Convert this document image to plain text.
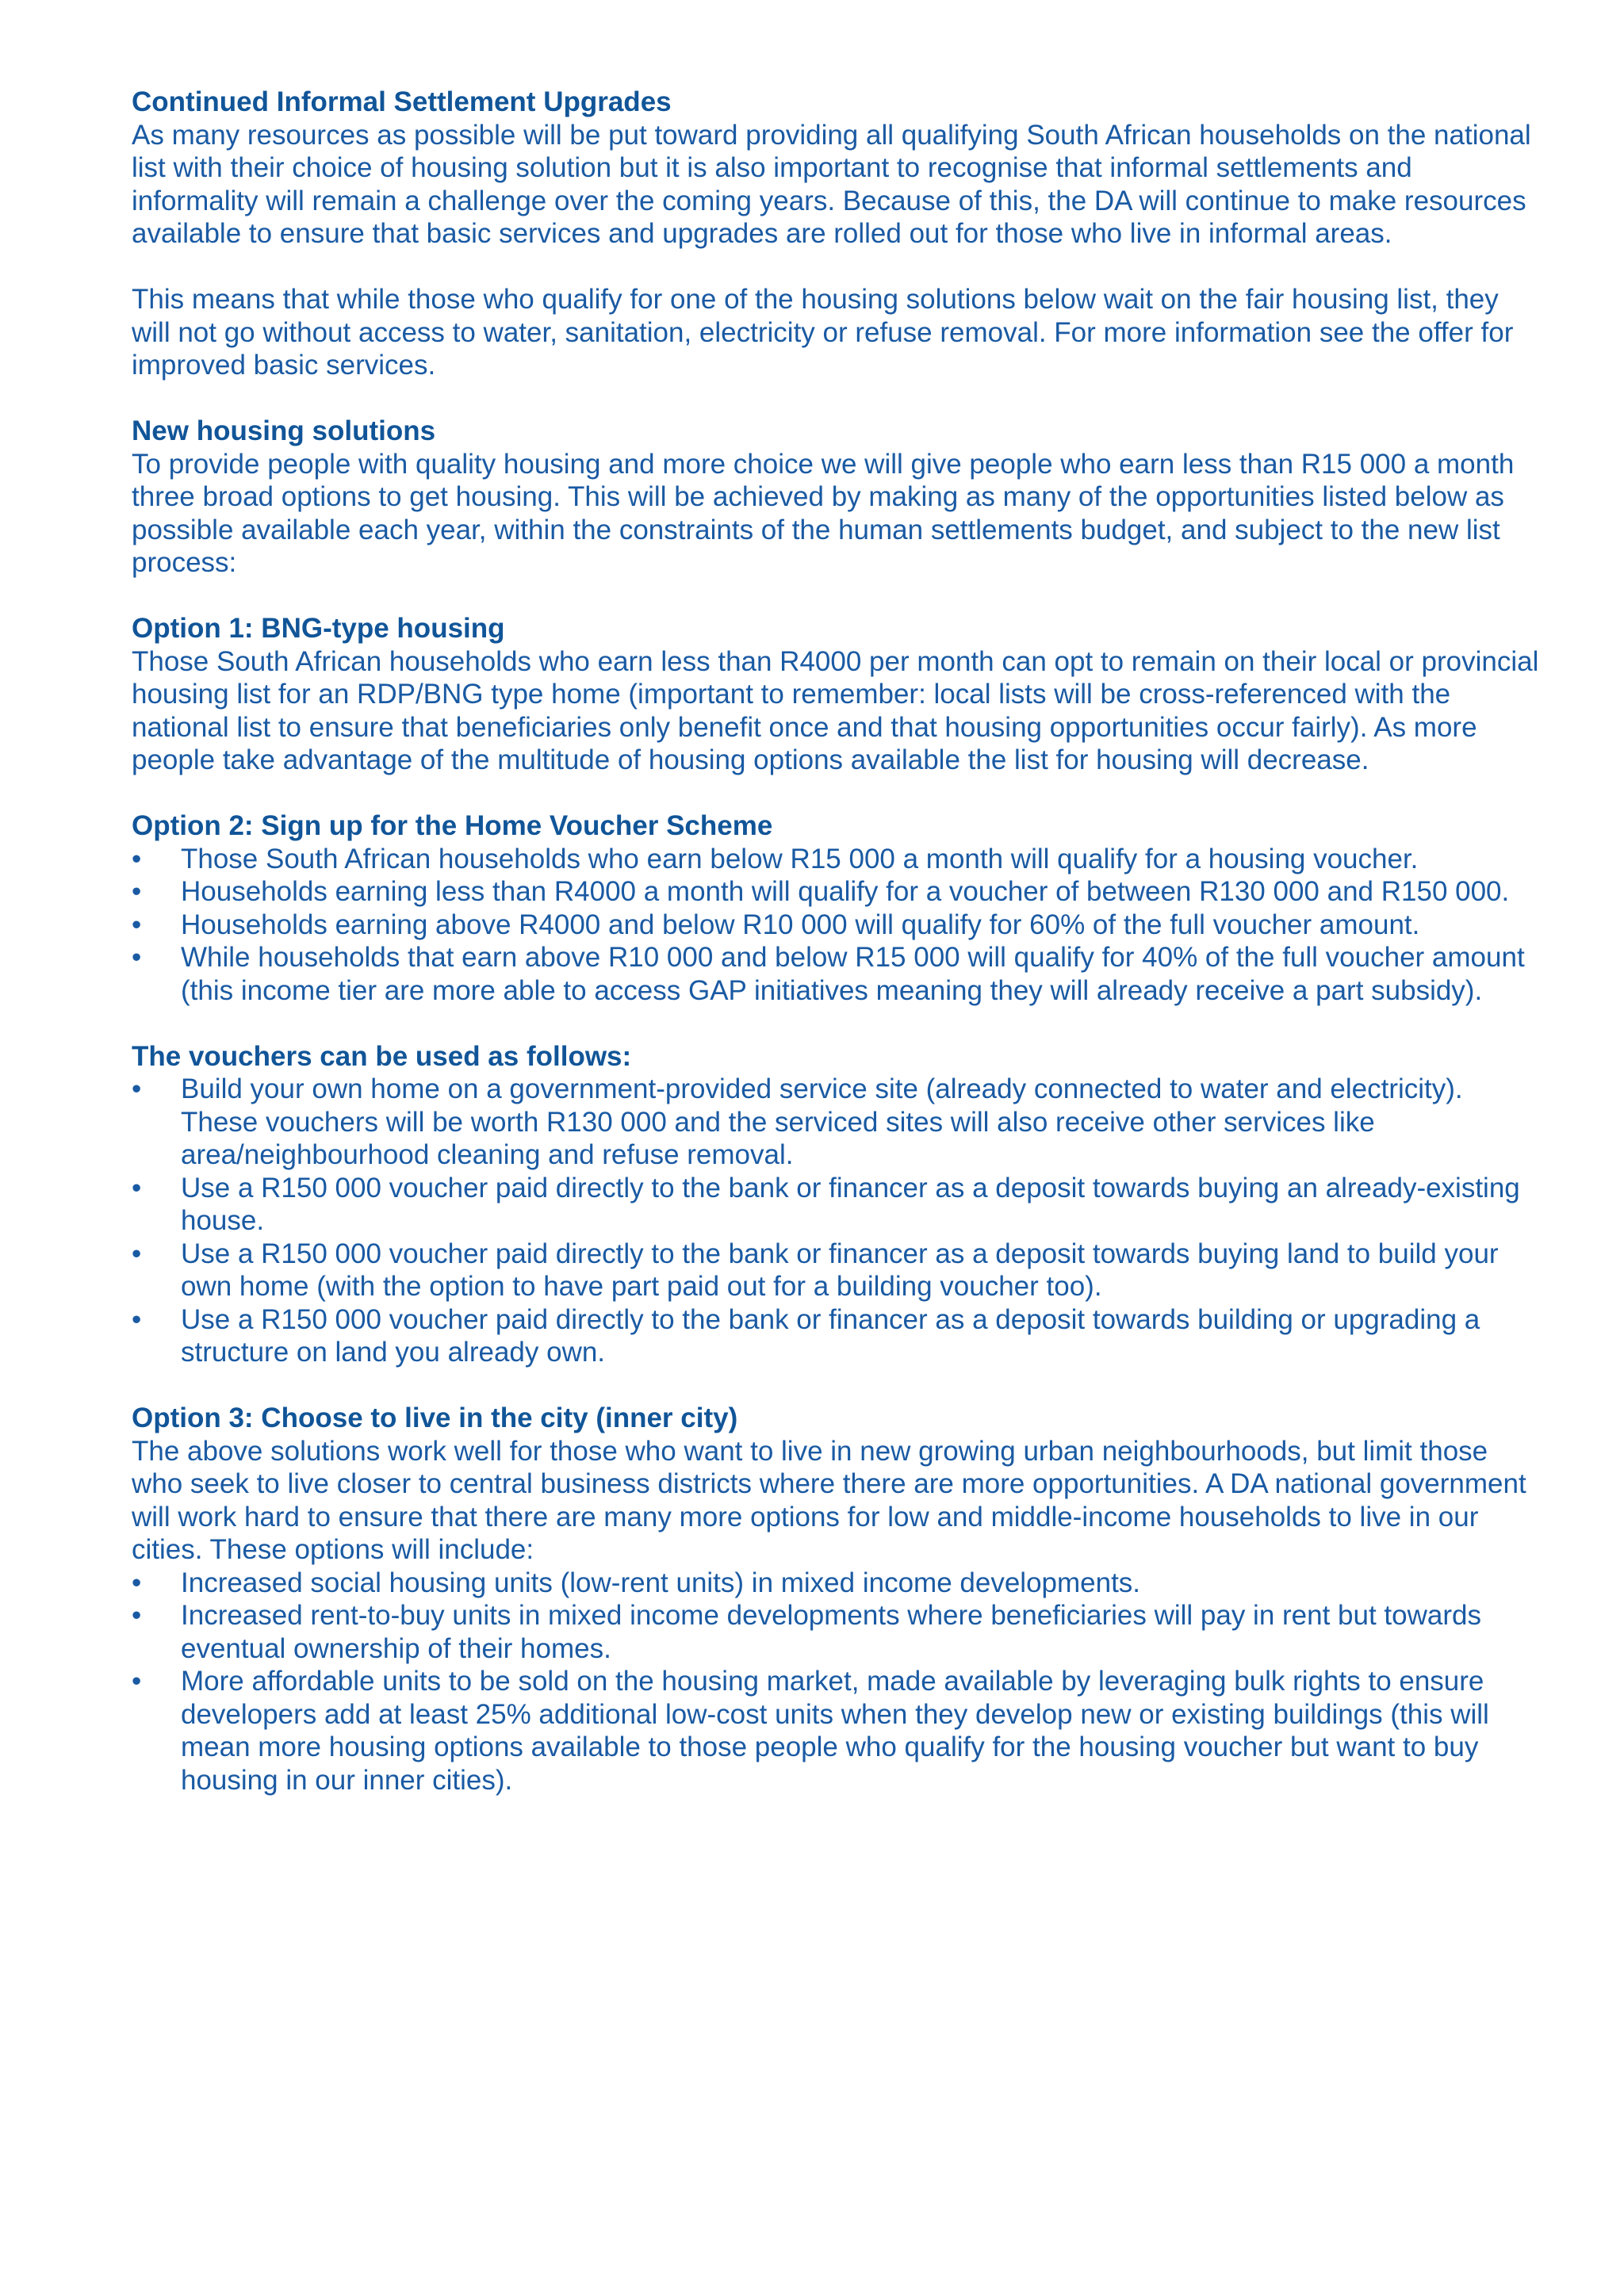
Continued Informal Settlement Upgrades

As many resources as possible will be put toward providing all qualifying South African households on the national list with their choice of housing solution but it is also important to recognise that informal settlements and informality will remain a challenge over the coming years. Because of this, the DA will continue to make resources available to ensure that basic services and upgrades are rolled out for those who live in informal areas.

This means that while those who qualify for one of the housing solutions below wait on the fair housing list, they will not go without access to water, sanitation, electricity or refuse removal. For more information see the offer for improved basic services.

New housing solutions

To provide people with quality housing and more choice we will give people who earn less than R15 000 a month three broad options to get housing. This will be achieved by making as many of the opportunities listed below as possible available each year, within the constraints of the human settlements budget, and subject to the new list process:

Option 1: BNG-type housing

Those South African households who earn less than R4000 per month can opt to remain on their local or provincial housing list for an RDP/BNG type home (important to remember: local lists will be cross-referenced with the national list to ensure that beneficiaries only benefit once and that housing opportunities occur fairly). As more people take advantage of the multitude of housing options available the list for housing will decrease.

Option 2: Sign up for the Home Voucher Scheme

• Those South African households who earn below R15 000 a month will qualify for a housing voucher.
• Households earning less than R4000 a month will qualify for a voucher of between R130 000 and R150 000.
• Households earning above R4000 and below R10 000 will qualify for 60% of the full voucher amount.
• While households that earn above R10 000 and below R15 000 will qualify for 40% of the full voucher amount (this income tier are more able to access GAP initiatives meaning they will already receive a part subsidy).

The vouchers can be used as follows:

• Build your own home on a government-provided service site (already connected to water and electricity). These vouchers will be worth R130 000 and the serviced sites will also receive other services like area/neighbourhood cleaning and refuse removal.
• Use a R150 000 voucher paid directly to the bank or financer as a deposit towards buying an already-existing house.
• Use a R150 000 voucher paid directly to the bank or financer as a deposit towards buying land to build your own home (with the option to have part paid out for a building voucher too).
• Use a R150 000 voucher paid directly to the bank or financer as a deposit towards building or upgrading a structure on land you already own.

Option 3: Choose to live in the city (inner city)

The above solutions work well for those who want to live in new growing urban neighbourhoods, but limit those who seek to live closer to central business districts where there are more opportunities. A DA national government will work hard to ensure that there are many more options for low and middle-income households to live in our cities. These options will include:

• Increased social housing units (low-rent units) in mixed income developments.
• Increased rent-to-buy units in mixed income developments where beneficiaries will pay in rent but towards eventual ownership of their homes.
• More affordable units to be sold on the housing market, made available by leveraging bulk rights to ensure developers add at least 25% additional low-cost units when they develop new or existing buildings (this will mean more housing options available to those people who qualify for the housing voucher but want to buy housing in our inner cities).
